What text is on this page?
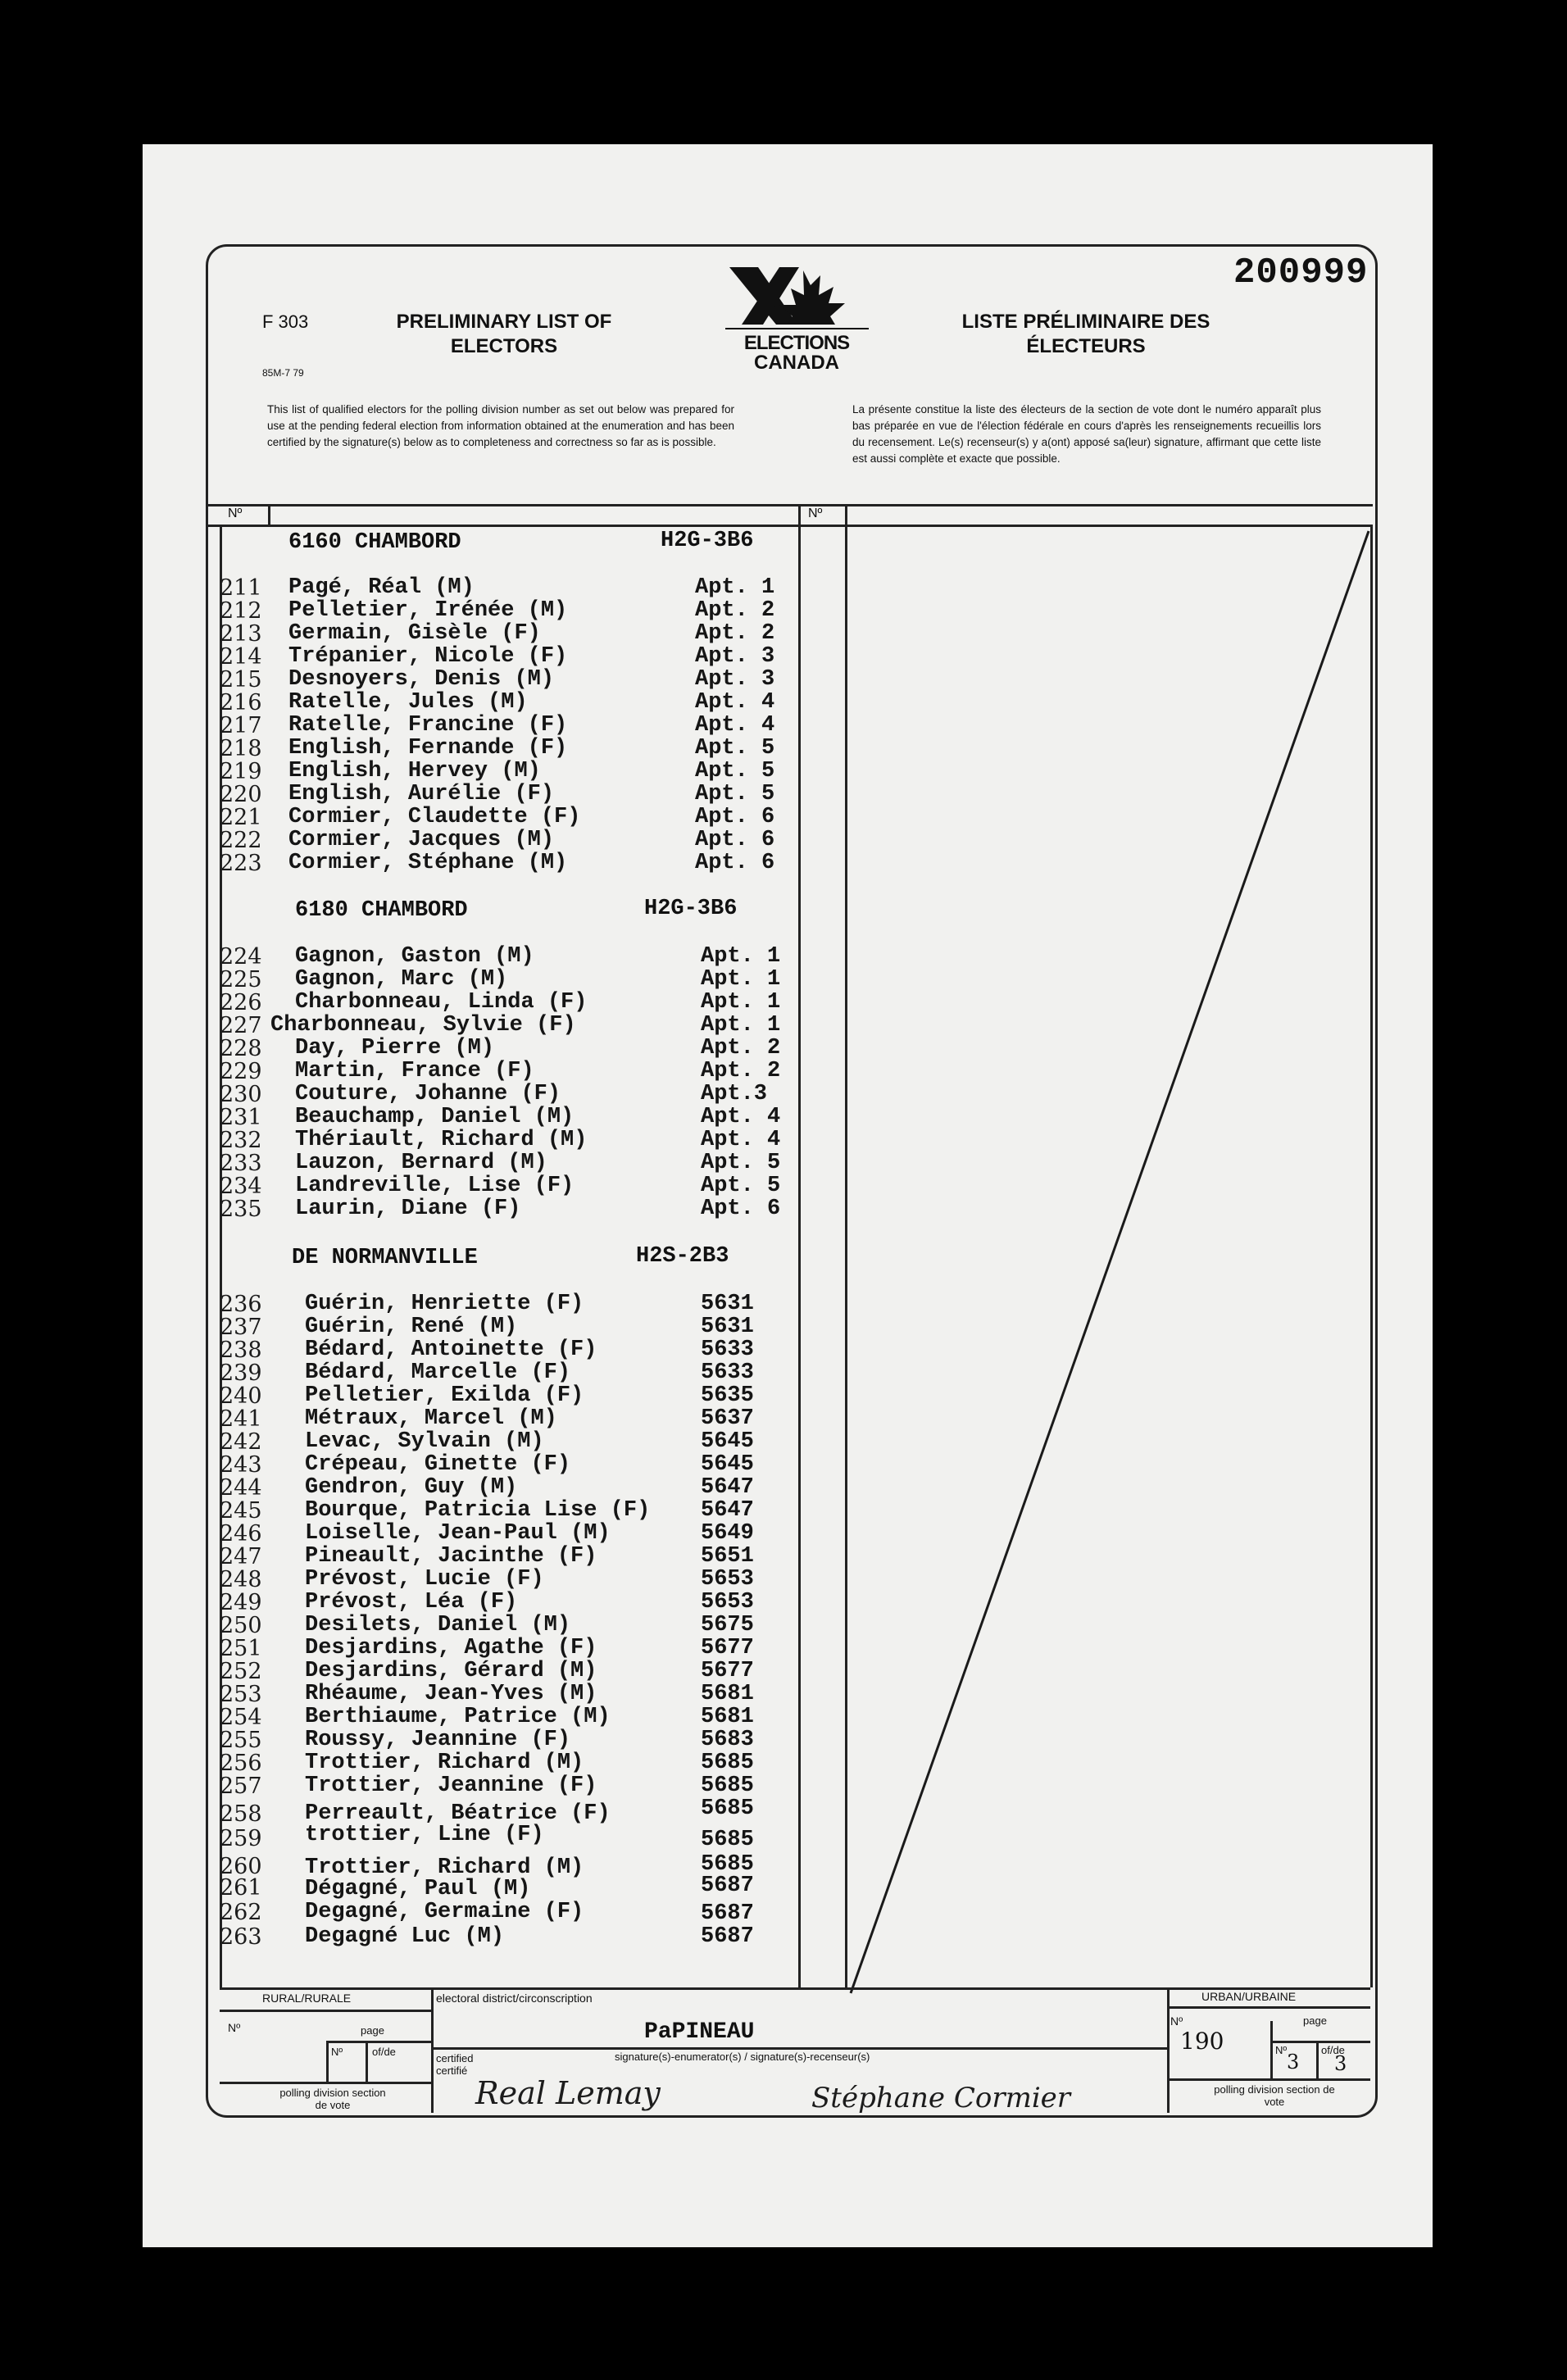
200999
F 303
85M-7 79
PRELIMINARY LIST OF ELECTORS
LISTE PRÉLIMINAIRE DES ÉLECTEURS
ELECTIONS
CANADA
This list of qualified electors for the polling division number as set out below was prepared for use at the pending federal election from information obtained at the enumeration and has been certified by the signature(s) below as to completeness and correctness so far as is possible.
La présente constitue la liste des électeurs de la section de vote dont le numéro apparaît plus bas préparée en vue de l'élection fédérale en cours d'après les renseignements recueillis lors du recensement. Le(s) recenseur(s) y a(ont) apposé sa(leur) signature, affirmant que cette liste est aussi complète et exacte que possible.
Nº	Nº
6160 CHAMBORD	H2G-3B6
211 Pagé, Réal (M)	Apt. 1
212 Pelletier, Irénée (M)	Apt. 2
213 Germain, Gisèle (F)	Apt. 2
214 Trépanier, Nicole (F)	Apt. 3
215 Desnoyers, Denis (M)	Apt. 3
216 Ratelle, Jules (M)	Apt. 4
217 Ratelle, Francine (F)	Apt. 4
218 English, Fernande (F)	Apt. 5
219 English, Hervey (M)	Apt. 5
220 English, Aurélie (F)	Apt. 5
221 Cormier, Claudette (F)	Apt. 6
222 Cormier, Jacques (M)	Apt. 6
223 Cormier, Stéphane (M)	Apt. 6
6180 CHAMBORD	H2G-3B6
224 Gagnon, Gaston (M)	Apt. 1
225 Gagnon, Marc (M)	Apt. 1
226 Charbonneau, Linda (F)	Apt. 1
227 Charbonneau, Sylvie (F)	Apt. 1
228 Day, Pierre (M)	Apt. 2
229 Martin, France (F)	Apt. 2
230 Couture, Johanne (F)	Apt.3
231 Beauchamp, Daniel (M)	Apt. 4
232 Thériault, Richard (M)	Apt. 4
233 Lauzon, Bernard (M)	Apt. 5
234 Landreville, Lise (F)	Apt. 5
235 Laurin, Diane (F)	Apt. 6
DE NORMANVILLE	H2S-2B3
236 Guérin, Henriette (F)	5631
237 Guérin, René (M)	5631
238 Bédard, Antoinette (F)	5633
239 Bédard, Marcelle (F)	5633
240 Pelletier, Exilda (F)	5635
241 Métraux, Marcel (M)	5637
242 Levac, Sylvain (M)	5645
243 Crépeau, Ginette (F)	5645
244 Gendron, Guy (M)	5647
245 Bourque, Patricia Lise (F) 5647
246 Loiselle, Jean-Paul (M)	5649
247 Pineault, Jacinthe (F)	5651
248 Prévost, Lucie (F)	5653
249 Prévost, Léa (F)	5653
250 Desilets, Daniel (M)	5675
251 Desjardins, Agathe (F)	5677
252 Desjardins, Gérard (M)	5677
253 Rhéaume, Jean-Yves (M)	5681
254 Berthiaume, Patrice (M)	5681
255 Roussy, Jeannine (F)	5683
256 Trottier, Richard (M)	5685
257 Trottier, Jeannine (F)	5685
258 Perreault, Béatrice (F)	5685
259 trottier, Line (F)	5685
260 Trottier, Richard (M)	5685
261 Dégagné, Paul (M)	5687
262 Degagné, Germaine (F)	5687
263 Degagné Luc (M)	5687
RURAL/RURALE
Nº	page
Nº	of/de
polling division section de vote
electoral district/circonscription
PaPINEAU
certified certifié
signature(s)-enumerator(s) / signature(s)-recenseur(s)
Real Lemay	Stéphane Cormier
URBAN/URBAINE
Nº	page
Nº	of/de
190
3 3
polling division section de vote
